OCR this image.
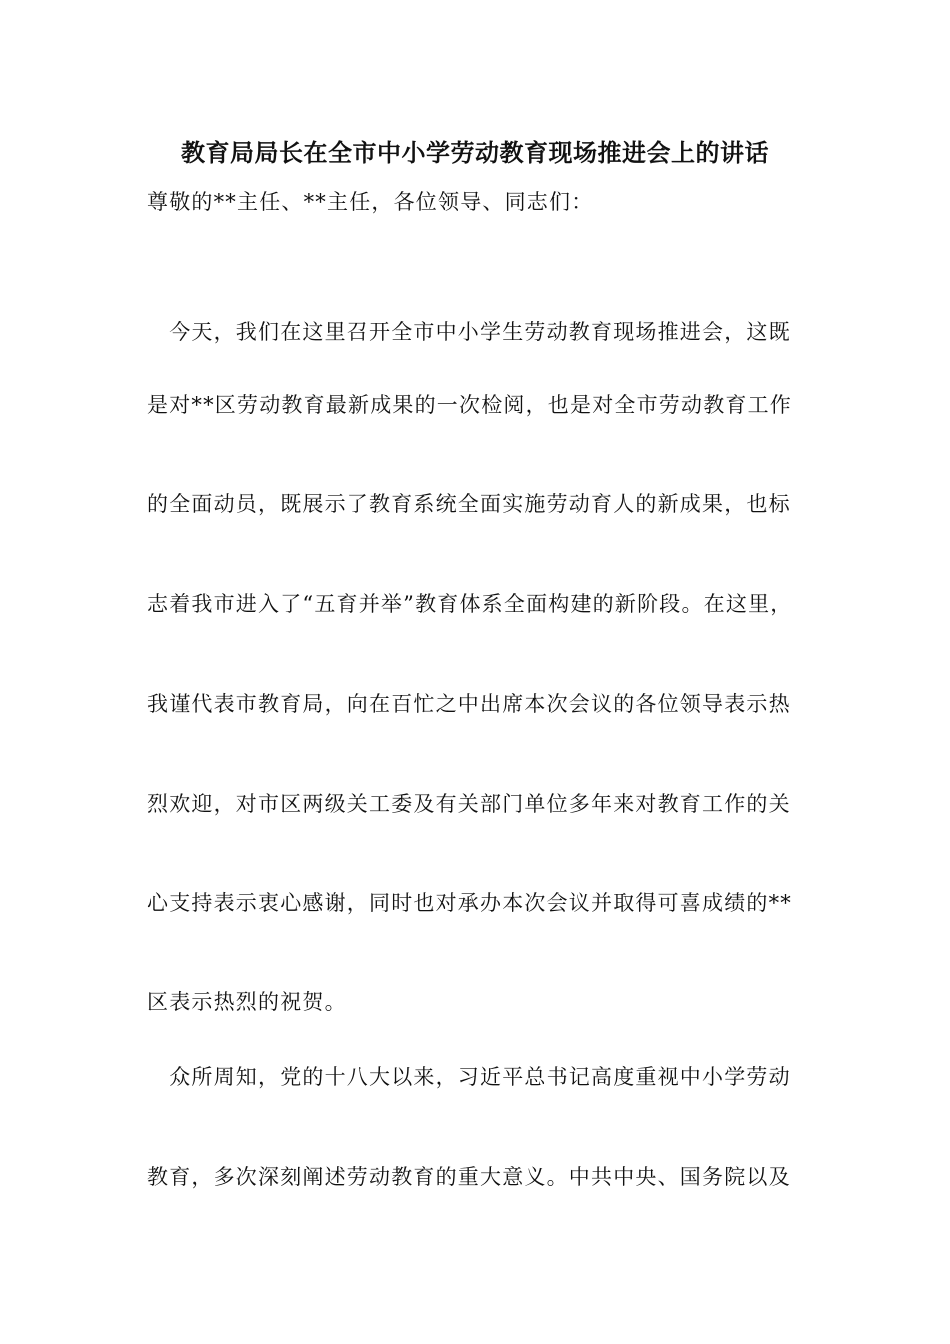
教育局局长在全市中小学劳动教育现场推进会上的讲话
尊敬的**主任、**主任，各位领导、同志们：
　今天，我们在这里召开全市中小学生劳动教育现场推进会，这既
是对**区劳动教育最新成果的一次检阅，也是对全市劳动教育工作
的全面动员，既展示了教育系统全面实施劳动育人的新成果，也标
志着我市进入了“五育并举”教育体系全面构建的新阶段。在这里，
我谨代表市教育局，向在百忙之中出席本次会议的各位领导表示热
烈欢迎，对市区两级关工委及有关部门单位多年来对教育工作的关
心支持表示衷心感谢，同时也对承办本次会议并取得可喜成绩的**
区表示热烈的祝贺。
　众所周知，党的十八大以来，习近平总书记高度重视中小学劳动
教育，多次深刻阐述劳动教育的重大意义。中共中央、国务院以及
